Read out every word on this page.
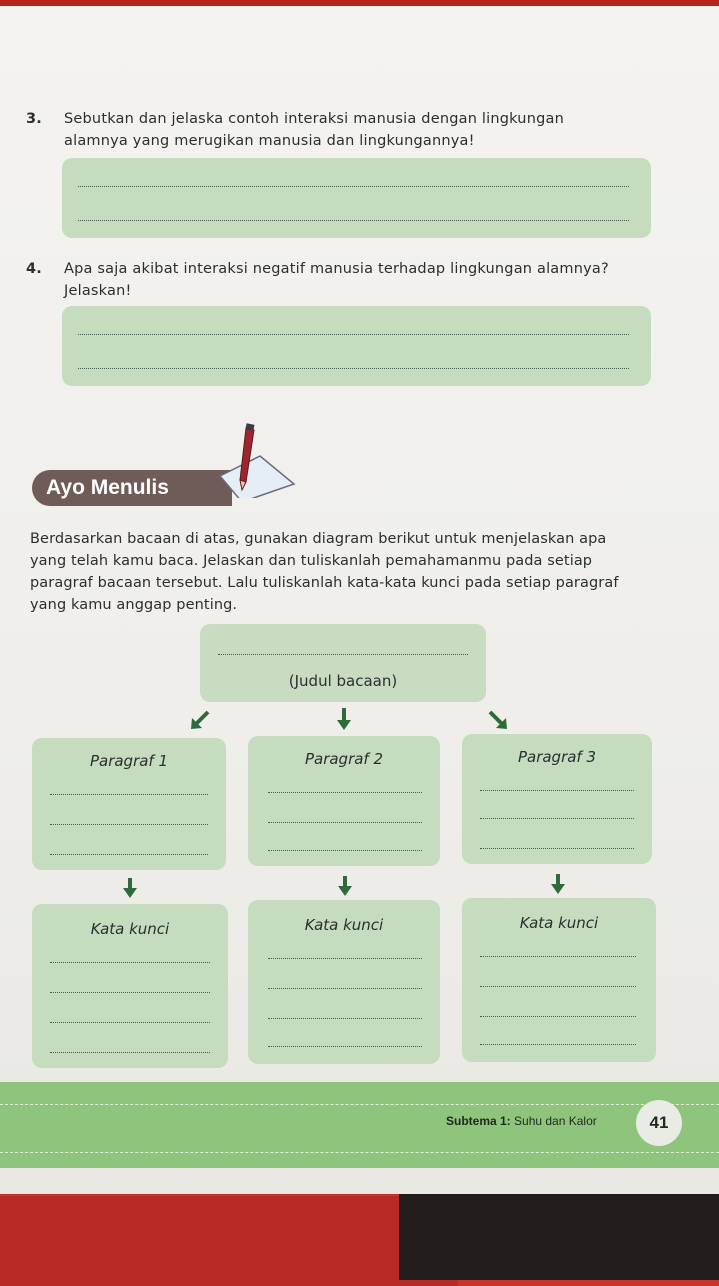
3. Sebutkan dan jelaska contoh interaksi manusia dengan lingkungan
alamnya yang merugikan manusia dan lingkungannya!
4. Apa saja akibat interaksi negatif manusia terhadap lingkungan alamnya?
Jelaskan!
Ayo Menulis
Berdasarkan bacaan di atas, gunakan diagram berikut untuk menjelaskan apa
yang telah kamu baca. Jelaskan dan tuliskanlah pemahamanmu pada setiap
paragraf bacaan tersebut. Lalu tuliskanlah kata-kata kunci pada setiap paragraf
yang kamu anggap penting.
(Judul bacaan)
Paragraf 1	Paragraf 2	Paragraf 3
Kata kunci	Kata kunci	Kata kunci
Subtema 1: Suhu dan Kalor	41
